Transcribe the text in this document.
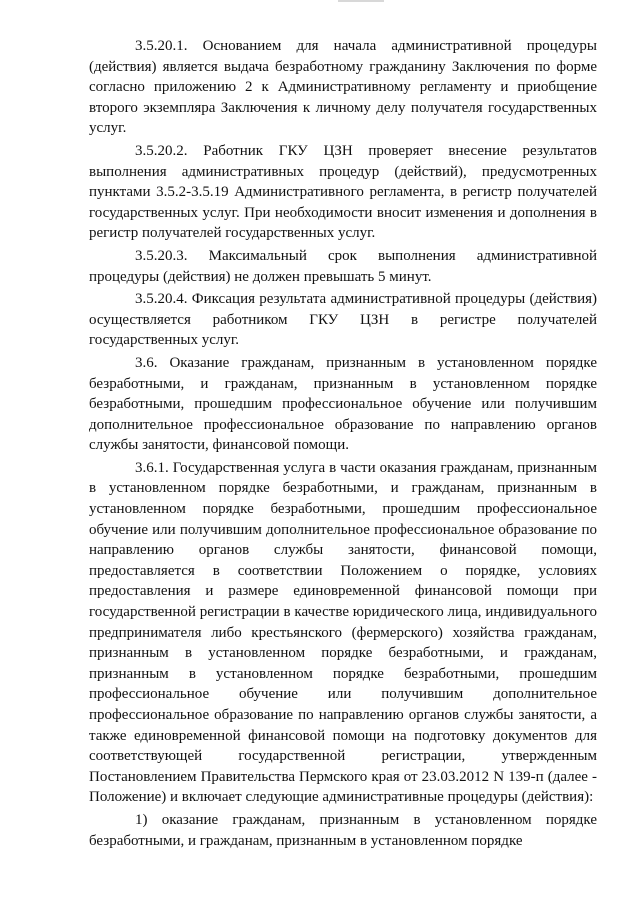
3.5.20.1. Основанием для начала административной процедуры (действия) является выдача безработному гражданину Заключения по форме согласно приложению 2 к Административному регламенту и приобщение второго экземпляра Заключения к личному делу получателя государственных услуг.

3.5.20.2. Работник ГКУ ЦЗН проверяет внесение результатов выполнения административных процедур (действий), предусмотренных пунктами 3.5.2-3.5.19 Административного регламента, в регистр получателей государственных услуг. При необходимости вносит изменения и дополнения в регистр получателей государственных услуг.

3.5.20.3. Максимальный срок выполнения административной процедуры (действия) не должен превышать 5 минут.

3.5.20.4. Фиксация результата административной процедуры (действия) осуществляется работником ГКУ ЦЗН в регистре получателей государственных услуг.

3.6. Оказание гражданам, признанным в установленном порядке безработными, и гражданам, признанным в установленном порядке безработными, прошедшим профессиональное обучение или получившим дополнительное профессиональное образование по направлению органов службы занятости, финансовой помощи.

3.6.1. Государственная услуга в части оказания гражданам, признанным в установленном порядке безработными, и гражданам, признанным в установленном порядке безработными, прошедшим профессиональное обучение или получившим дополнительное профессиональное образование по направлению органов службы занятости, финансовой помощи, предоставляется в соответствии Положением о порядке, условиях предоставления и размере единовременной финансовой помощи при государственной регистрации в качестве юридического лица, индивидуального предпринимателя либо крестьянского (фермерского) хозяйства гражданам, признанным в установленном порядке безработными, и гражданам, признанным в установленном порядке безработными, прошедшим профессиональное обучение или получившим дополнительное профессиональное образование по направлению органов службы занятости, а также единовременной финансовой помощи на подготовку документов для соответствующей государственной регистрации, утвержденным Постановлением Правительства Пермского края от 23.03.2012 N 139-п (далее - Положение) и включает следующие административные процедуры (действия):

1) оказание гражданам, признанным в установленном порядке безработными, и гражданам, признанным в установленном порядке
